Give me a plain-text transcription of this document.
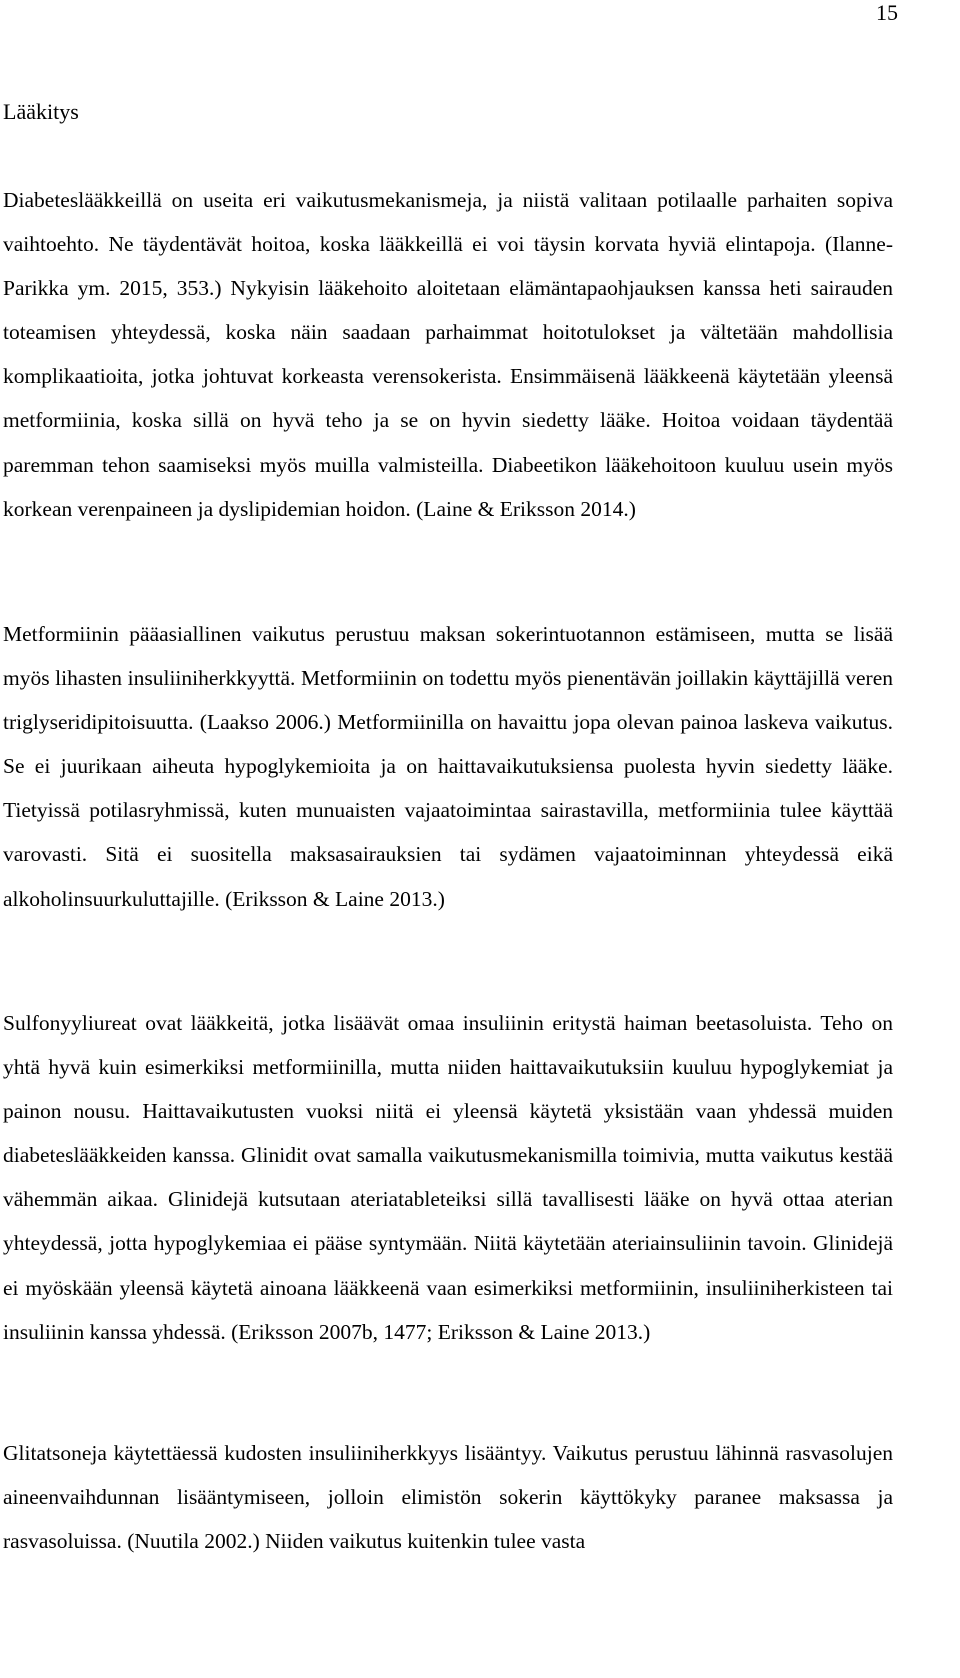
15
Lääkitys

Diabeteslääkkeillä on useita eri vaikutusmekanismeja, ja niistä valitaan potilaalle parhaiten sopiva vaihtoehto. Ne täydentävät hoitoa, koska lääkkeillä ei voi täysin korvata hyviä elintapoja. (Ilanne-Parikka ym. 2015, 353.) Nykyisin lääkehoito aloitetaan elämäntapaohjauksen kanssa heti sairauden toteamisen yhteydessä, koska näin saadaan parhaimmat hoitotulokset ja vältetään mahdollisia komplikaatioita, jotka johtuvat korkeasta verensokerista. Ensimmäisenä lääkkeenä käytetään yleensä metformiinia, koska sillä on hyvä teho ja se on hyvin siedetty lääke. Hoitoa voidaan täydentää paremman tehon saamiseksi myös muilla valmisteilla. Diabeetikon lääkehoitoon kuuluu usein myös korkean verenpaineen ja dyslipidemian hoidon. (Laine & Eriksson 2014.)

Metformiinin pääasiallinen vaikutus perustuu maksan sokerintuotannon estämiseen, mutta se lisää myös lihasten insuliiniherkkyyttä. Metformiinin on todettu myös pienentävän joillakin käyttäjillä veren triglyseridipitoisuutta. (Laakso 2006.) Metformiinilla on havaittu jopa olevan painoa laskeva vaikutus. Se ei juurikaan aiheuta hypoglykemioita ja on haittavaikutuksiensa puolesta hyvin siedetty lääke. Tietyissä potilasryhmissä, kuten munuaisten vajaatoimintaa sairastavilla, metformiinia tulee käyttää varovasti. Sitä ei suositella maksasairauksien tai sydämen vajaatoiminnan yhteydessä eikä alkoholinsuurkuluttajille. (Eriksson & Laine 2013.)

Sulfonyyliureat ovat lääkkeitä, jotka lisäävät omaa insuliinin eritystä haiman beetasoluista. Teho on yhtä hyvä kuin esimerkiksi metformiinilla, mutta niiden haittavaikutuksiin kuuluu hypoglykemiat ja painon nousu. Haittavaikutusten vuoksi niitä ei yleensä käytetä yksistään vaan yhdessä muiden diabeteslääkkeiden kanssa. Glinidit ovat samalla vaikutusmekanismilla toimivia, mutta vaikutus kestää vähemmän aikaa. Glinidejä kutsutaan ateriatableteiksi sillä tavallisesti lääke on hyvä ottaa aterian yhteydessä, jotta hypoglykemiaa ei pääse syntymään. Niitä käytetään ateriainsuliinin tavoin. Glinidejä ei myöskään yleensä käytetä ainoana lääkkeenä vaan esimerkiksi metformiinin, insuliiniherkisteen tai insuliinin kanssa yhdessä. (Eriksson 2007b, 1477; Eriksson & Laine 2013.)

Glitatsoneja käytettäessä kudosten insuliiniherkkyys lisääntyy. Vaikutus perustuu lähinnä rasvasolujen aineenvaihdunnan lisääntymiseen, jolloin elimistön sokerin käyttökyky paranee maksassa ja rasvasoluissa. (Nuutila 2002.) Niiden vaikutus kuitenkin tulee vasta
